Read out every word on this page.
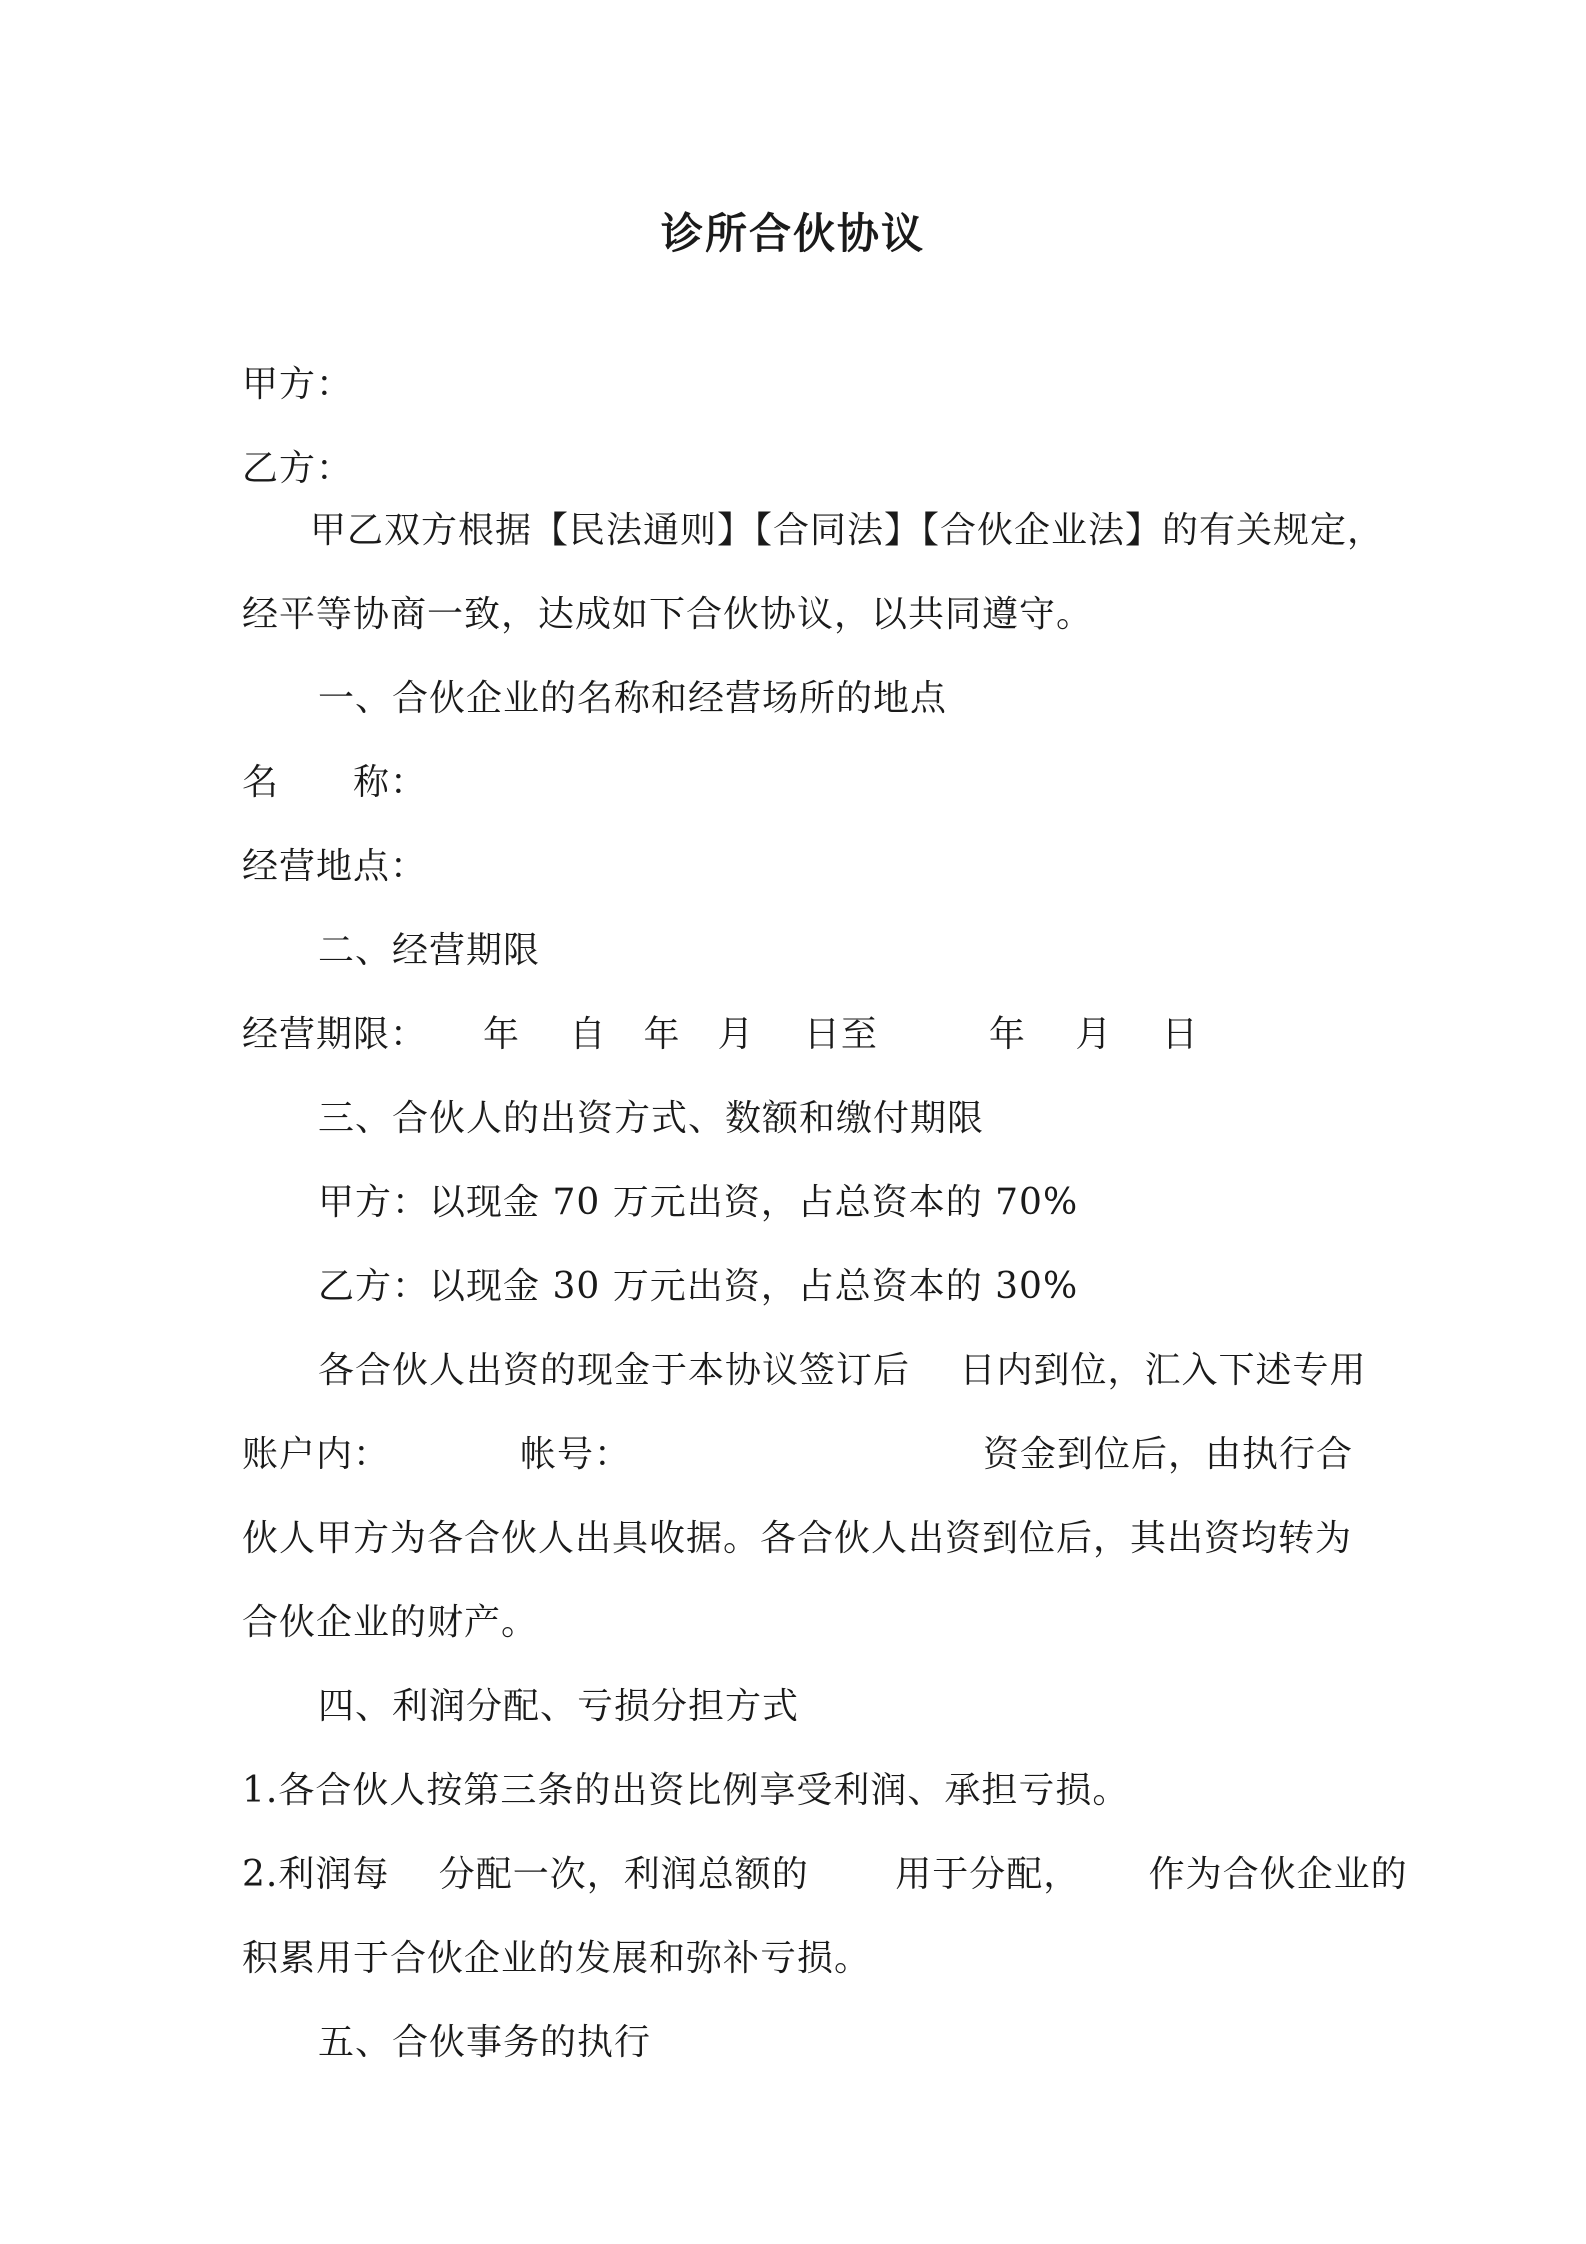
诊所合伙协议
甲方：
乙方：
甲乙双方根据【民法通则】【合同法】【合伙企业法】的有关规定，
经平等协商一致，达成如下合伙协议，以共同遵守。
一、合伙企业的名称和经营场所的地点
名　　称：
经营地点：
二、经营期限
经营期限：　　年　 自　年　月　 日至　　　年　 月　 日
三、合伙人的出资方式、数额和缴付期限
甲方：以现金 70 万元出资，占总资本的 70%
乙方：以现金 30 万元出资，占总资本的 30%
各合伙人出资的现金于本协议签订后　 日内到位，汇入下述专用
账户内：　　　　帐号：　　　　　　　　　　资金到位后，由执行合
伙人甲方为各合伙人出具收据。各合伙人出资到位后，其出资均转为
合伙企业的财产。
四、利润分配、亏损分担方式
1.各合伙人按第三条的出资比例享受利润、承担亏损。
2.利润每　 分配一次，利润总额的　　 用于分配，　　 作为合伙企业的
积累用于合伙企业的发展和弥补亏损。
五、合伙事务的执行
